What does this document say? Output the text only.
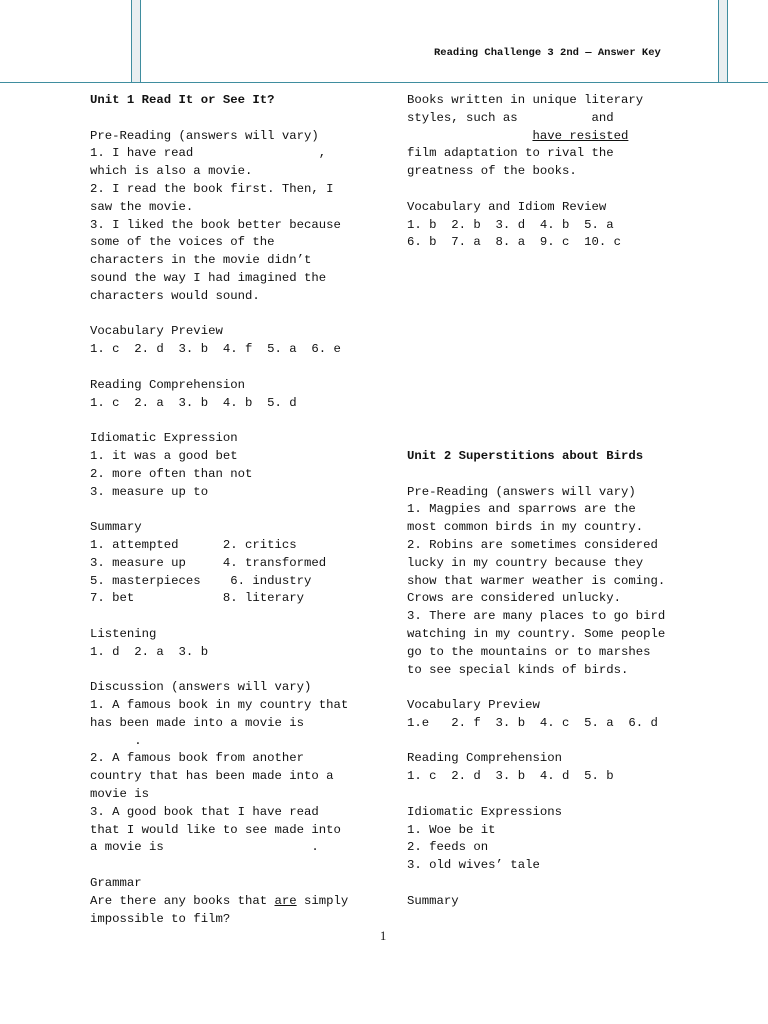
Reading Challenge 3 2nd — Answer Key
Unit 1 Read It or See It?
Pre-Reading (answers will vary)
1. I have read                 ,
which is also a movie.
2. I read the book first. Then, I
saw the movie.
3. I liked the book better because
some of the voices of the
characters in the movie didn’t
sound the way I had imagined the
characters would sound.
Vocabulary Preview
1. c  2. d  3. b  4. f  5. a  6. e
Reading Comprehension
1. c  2. a  3. b  4. b  5. d
Idiomatic Expression
1. it was a good bet
2. more often than not
3. measure up to
Summary
1. attempted      2. critics
3. measure up     4. transformed
5. masterpieces    6. industry
7. bet            8. literary
Listening
1. d  2. a  3. b
Discussion (answers will vary)
1. A famous book in my country that
has been made into a movie is
.
2. A famous book from another
country that has been made into a
movie is
3. A good book that I have read
that I would like to see made into
a movie is                    .
Grammar
Are there any books that are simply
impossible to film?
Books written in unique literary
styles, such as          and
have resisted
film adaptation to rival the
greatness of the books.
Vocabulary and Idiom Review
1. b  2. b  3. d  4. b  5. a
6. b  7. a  8. a  9. c  10. c
Unit 2 Superstitions about Birds
Pre-Reading (answers will vary)
1. Magpies and sparrows are the
most common birds in my country.
2. Robins are sometimes considered
lucky in my country because they
show that warmer weather is coming.
Crows are considered unlucky.
3. There are many places to go bird
watching in my country. Some people
go to the mountains or to marshes
to see special kinds of birds.
Vocabulary Preview
1.e   2. f  3. b  4. c  5. a  6. d
Reading Comprehension
1. c  2. d  3. b  4. d  5. b
Idiomatic Expressions
1. Woe be it
2. feeds on
3. old wives’ tale
Summary
1
